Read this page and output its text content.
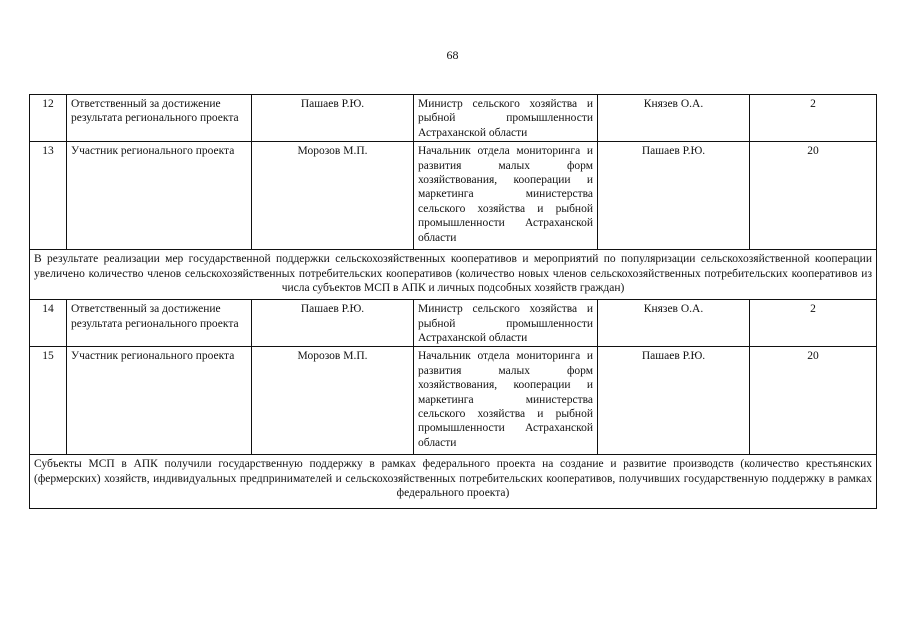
68
12	Ответственный за достижение результата регионального проекта	Пашаев Р.Ю.	Министр сельского хозяйства и рыбной промышленности Астраханской области	Князев О.А.	2
13	Участник регионального проекта	Морозов М.П.	Начальник отдела мониторинга и развития малых форм хозяйствования, кооперации и маркетинга министерства сельского хозяйства и рыбной промышленности Астраханской области	Пашаев Р.Ю.	20
В результате реализации мер государственной поддержки сельскохозяйственных кооперативов и мероприятий по популяризации сельскохозяйственной кооперации увеличено количество членов сельскохозяйственных потребительских кооперативов (количество новых членов сельскохозяйственных потребительских кооперативов из числа субъектов МСП в АПК и личных подсобных хозяйств граждан)					
14	Ответственный за достижение результата регионального проекта	Пашаев Р.Ю.	Министр сельского хозяйства и рыбной промышленности Астраханской области	Князев О.А.	2
15	Участник регионального проекта	Морозов М.П.	Начальник отдела мониторинга и развития малых форм хозяйствования, кооперации и маркетинга министерства сельского хозяйства и рыбной промышленности Астраханской области	Пашаев Р.Ю.	20
Субъекты МСП в АПК получили государственную поддержку в рамках федерального проекта на создание и развитие производств (количество крестьянских (фермерских) хозяйств, индивидуальных предпринимателей и сельскохозяйственных потребительских кооперативов, получивших государственную поддержку в рамках федерального проекта)					
